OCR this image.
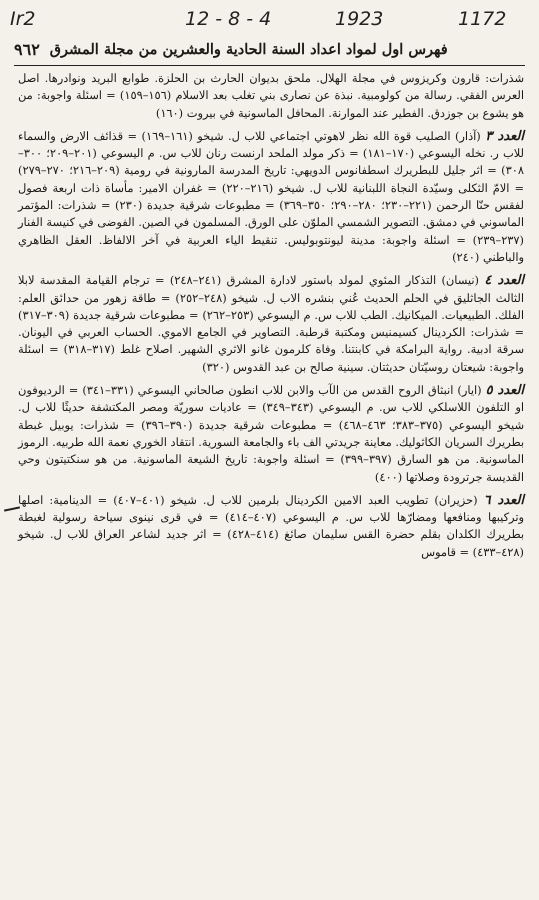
Ir2	12 - 8 - 4	1923	1172
٩٦٢ فهرس اول لمواد اعداد السنة الحادية والعشرين من مجلة المشرق

شذرات: قارون وكريزوس في مجلة الهلال. ملحق بديوان الحارث بن الحلزة. طوابع البريد ونوادرها. اصل العرس الفقي. رسالة من كولومبية. نبذة عن نصارى بني تغلب بعد الاسلام (١٥٦–١٥٩) = اسئلة واجوبة: من هو يشوع بن جوزدق. الفطير عند الموارنة. المحافل الماسونية في بيروت (١٦٠)

العدد ٣ (آذار) الصليب قوة الله نظر لاهوتي اجتماعي للاب ل. شيخو (١٦١–١٦٩) = قذائف الارض والسماء للاب ر. نخله اليسوعي (١٧٠–١٨١) = ذكر مولد الملحد ارنست رنان للاب س. م اليسوعي (٢٠١–٢٠٩؛ ٣٠٠–٣٠٨) = اثر جليل للبطريرك اسطفانوس الدويهي: تاريخ المدرسة المارونية في رومية (٢٠٩–٢١٦؛ ٢٧٠–٢٧٩) = الامّ الثكلى وسيّدة النجاة اللبنانية للاب ل. شيخو (٢١٦–٢٢٠) = غفران الامير: مأساة ذات اربعة فصول لفقس حنّا الرحمن (٢٢١–٢٣٠؛ ٢٨٠–٢٩٠؛ ٣٥٠–٣٦٩) = مطبوعات شرقية جديدة (٢٣٠) = شذرات: المؤتمر الماسوني في دمشق. التصوير الشمسي الملوّن على الورق. المسلمون في الصين. الفوضى في كنيسة الفنار (٢٣٧–٢٣٩) = اسئلة واجوبة: مدينة ليونتوبوليس. تنقيط الياء العربية في آخر الالفاظ. العقل الظاهري والباطني (٢٤٠)

العدد ٤ (نيسان) التذكار المئوي لمولد باستور لادارة المشرق (٢٤١–٢٤٨) = ترجام القيامة المقدسة لابلا الثالث الجاثليق في الحلم الحديث عُني بنشره الاب ل. شيخو (٢٤٨–٢٥٢) = طاقة زهور من حدائق العلم: الفلك. الطبيعيات. الميكانيك. الطب للاب س. م اليسوعي (٢٥٣–٢٦٢) = مطبوعات شرقية جديدة (٣٠٩–٣١٧) = شذرات: الكردينال كسيمنيس ومكتبة قرطبة. التصاوير في الجامع الاموي. الحساب العربي في اليونان. سرقة ادبية. رواية البرامكة في كابنتنا. وفاة كلرمون غانو الاثري الشهير. اصلاح غلط (٣١٧–٣١٨) = اسئلة واجوبة: شيعتان روسيّتان حديثتان. سينية صالح بن عبد القدوس (٣٢٠)

العدد ٥ (ايار) انبثاق الروح القدس من الآب والابن للاب انطون صالحاني اليسوعي (٣٣١–٣٤١) = الرديوفون او التلفون اللاسلكي للاب س. م اليسوعي (٣٤٣–٣٤٩) = عاديات سوريّة ومصر المكتشفة حديثًا للاب ل. شيخو اليسوعي (٣٧٥–٣٨٣؛ ٤٦٣–٤٦٨) = مطبوعات شرقية جديدة (٣٩٠–٣٩٦) = شذرات: يوبيل غبطة بطريرك السريان الكاثوليك. معاينة جريدتي الف باء والجامعة السورية. انتقاد الخوري نعمة الله طربيه. الرموز الماسونية. من هو السارق (٣٩٧–٣٩٩) = اسئلة واجوبة: تاريخ الشيعة الماسونية. من هو سنكتيتون وحي القديسة جرترودة وصلاتها (٤٠٠)

العدد ٦ (حزيران) تطويب العبد الامين الكردينال بلرمين للاب ل. شيخو (٤٠١–٤٠٧) = الدينامية: اصلها وتركيبها ومنافعها ومضارّها للاب س. م اليسوعي (٤٠٧–٤١٤) = في قرى نينوى سياحة رسولية لغبطة بطريرك الكلدان بقلم حضرة القس سليمان صائغ (٤١٤–٤٢٨) = اثر جديد لشاعر العراق للاب ل. شيخو (٤٢٨–٤٣٣) = قاموس
